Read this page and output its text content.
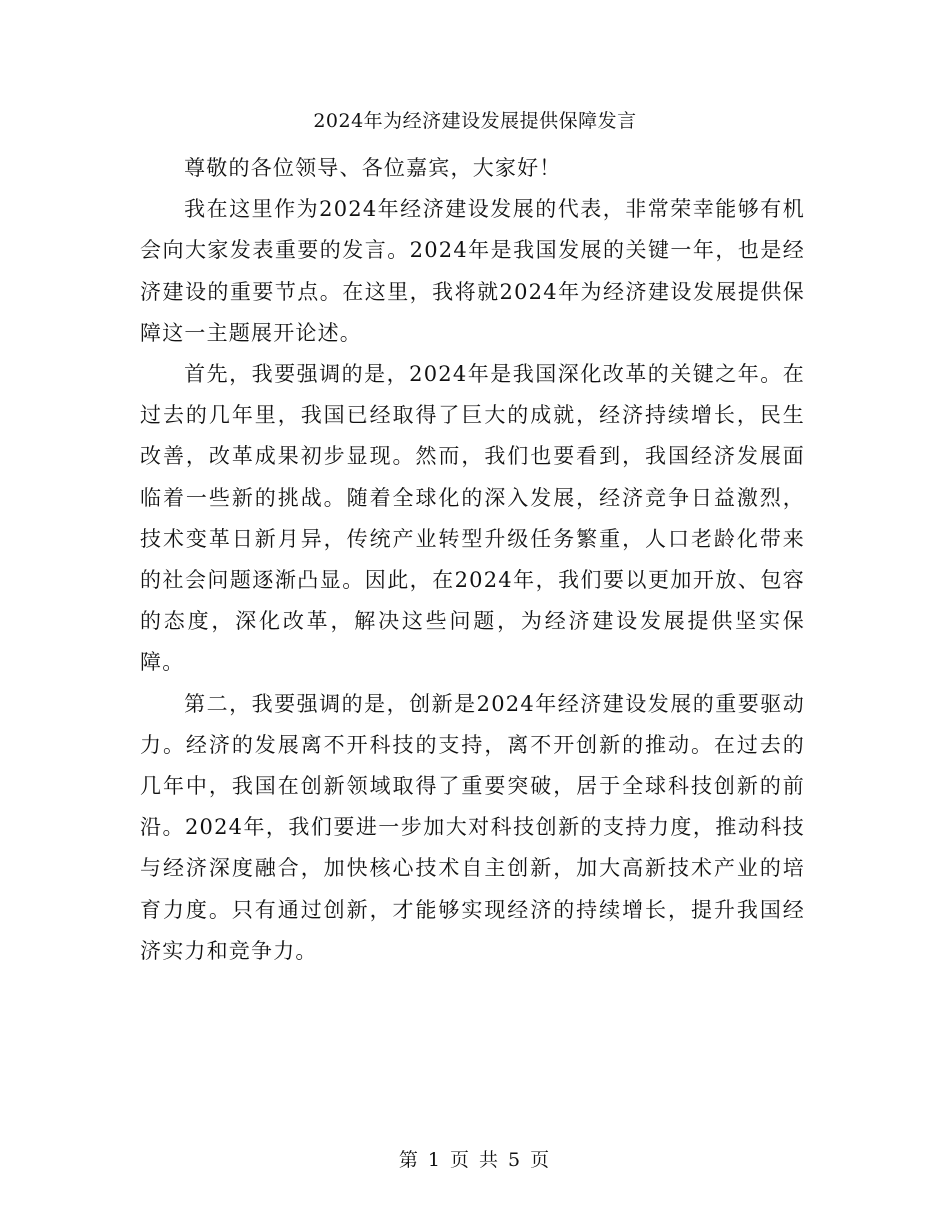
2024年为经济建设发展提供保障发言

尊敬的各位领导、各位嘉宾，大家好！

我在这里作为2024年经济建设发展的代表，非常荣幸能够有机会向大家发表重要的发言。2024年是我国发展的关键一年，也是经济建设的重要节点。在这里，我将就2024年为经济建设发展提供保障这一主题展开论述。

首先，我要强调的是，2024年是我国深化改革的关键之年。在过去的几年里，我国已经取得了巨大的成就，经济持续增长，民生改善，改革成果初步显现。然而，我们也要看到，我国经济发展面临着一些新的挑战。随着全球化的深入发展，经济竞争日益激烈，技术变革日新月异，传统产业转型升级任务繁重，人口老龄化带来的社会问题逐渐凸显。因此，在2024年，我们要以更加开放、包容的态度，深化改革，解决这些问题，为经济建设发展提供坚实保障。

第二，我要强调的是，创新是2024年经济建设发展的重要驱动力。经济的发展离不开科技的支持，离不开创新的推动。在过去的几年中，我国在创新领域取得了重要突破，居于全球科技创新的前沿。2024年，我们要进一步加大对科技创新的支持力度，推动科技与经济深度融合，加快核心技术自主创新，加大高新技术产业的培育力度。只有通过创新，才能够实现经济的持续增长，提升我国经济实力和竞争力。

第 1 页 共 5 页
